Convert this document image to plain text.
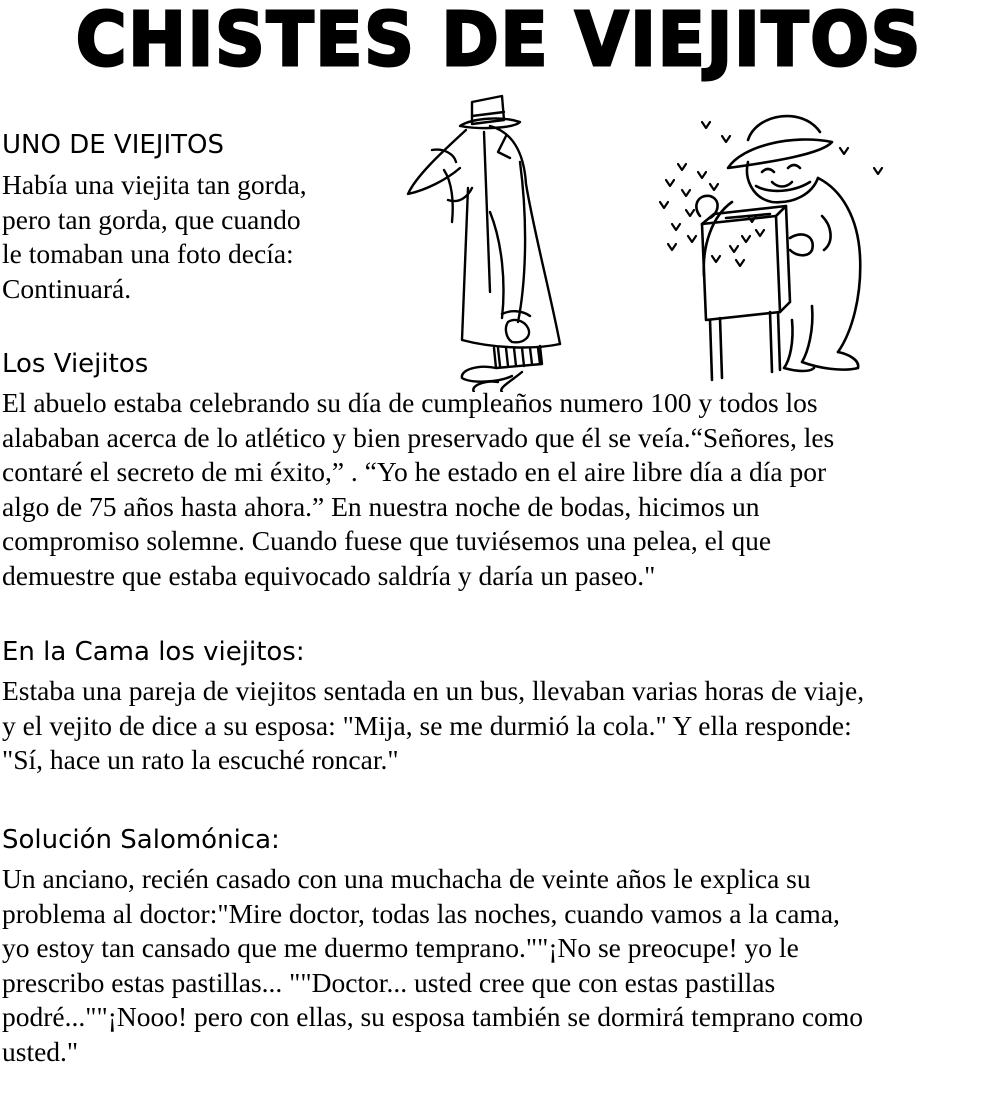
CHISTES DE VIEJITOS
UNO DE VIEJITOS
Había una viejita tan gorda,
pero tan gorda, que cuando
le tomaban una foto decía:
Continuará.
Los Viejitos
El abuelo estaba celebrando su día de cumpleaños numero 100 y todos los
alababan acerca de lo atlético y bien preservado que él se veía.“Señores, les
contaré el secreto de mi éxito,” . “Yo he estado en el aire libre día a día por
algo de 75 años hasta ahora.” En nuestra noche de bodas, hicimos un
compromiso solemne. Cuando fuese que tuviésemos una pelea, el que
demuestre que estaba equivocado saldría y daría un paseo."
En la Cama los viejitos:
Estaba una pareja de viejitos sentada en un bus, llevaban varias horas de viaje,
y el vejito de dice a su esposa: "Mija, se me durmió la cola." Y ella responde:
"Sí, hace un rato la escuché roncar."
Solución Salomónica:
Un anciano, recién casado con una muchacha de veinte años le explica su
problema al doctor:"Mire doctor, todas las noches, cuando vamos a la cama,
yo estoy tan cansado que me duermo temprano.""¡No se preocupe! yo le
prescribo estas pastillas... ""Doctor... usted cree que con estas pastillas
podré...""¡Nooo! pero con ellas, su esposa también se dormirá temprano como
usted."
